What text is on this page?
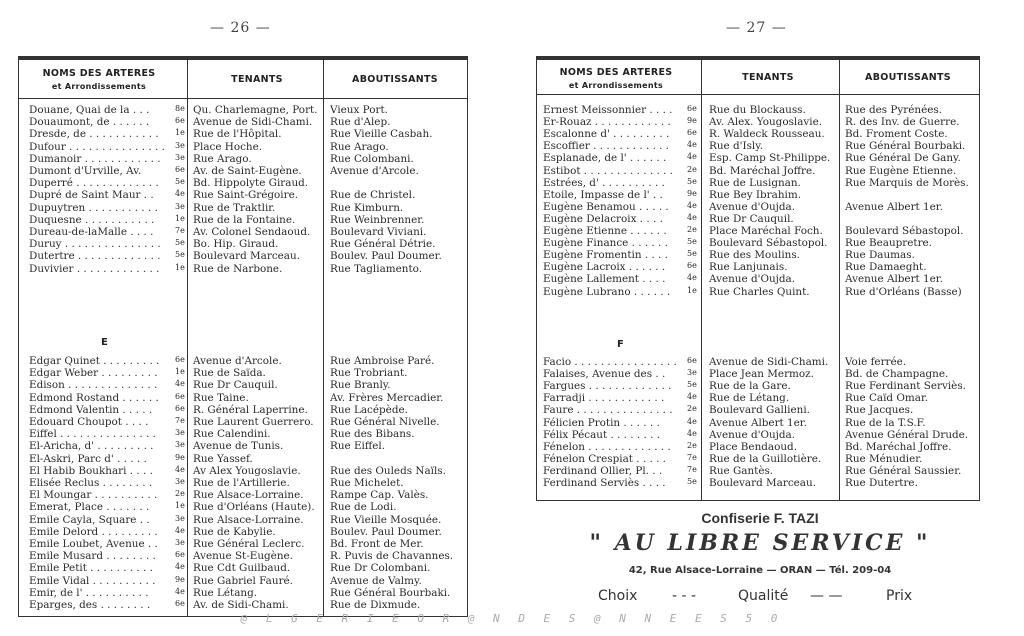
— 26 —	— 27 —
NOMS DES ARTERES
et Arrondissements
TENANTS	ABOUTISSANTS
Douane, Quai de la . . .	8e Qu. Charlemagne, Port.	Vieux Port.
Douaumont, de . . . . . .	6e Avenue de Sidi-Chami.	Rue d'Alep.
Dresde, de . . . . . . . . . . .	1e Rue de l'Hôpital.	Rue Vieille Casbah.
Dufour . . . . . . . . . . . . . . .	3e Place Hoche.	Rue Arago.
Dumanoir . . . . . . . . . . . .	3e Rue Arago.	Rue Colombani.
Dumont d'Urville, Av.	6e Av. de Saint-Eugène.	Avenue d'Arcole.
Duperré . . . . . . . . . . . . .	5e Bd. Hippolyte Giraud.
Dupré de Saint Maur . .	4e Rue Saint-Grégoire.	Rue de Christel.
Dupuytren . . . . . . . . . . .	3e Rue de Traktlir.	Rue Kimburn.
Duquesne . . . . . . . . . . .	1e Rue de la Fontaine.	Rue Weinbrenner.
Dureau-de-laMalle . . . .	7e Av. Colonel Sendaoud.	Boulevard Viviani.
Duruy . . . . . . . . . . . . . . .	5e Bo. Hip. Giraud.	Rue Général Détrie.
Dutertre . . . . . . . . . . . . .	5e Boulevard Marceau.	Boulev. Paul Doumer.
Duvivier . . . . . . . . . . . . .	1e Rue de Narbone.	Rue Tagliamento.
Edgar Quinet . . . . . . . . .	6e Avenue d'Arcole.	Rue Ambroise Paré.
Edgar Weber . . . . . . . . .	1e Rue de Saïda.	Rue Trobriant.
Edison . . . . . . . . . . . . . .	4e Rue Dr Cauquil.	Rue Branly.
Edmond Rostand . . . . . .	6e Rue Taine.	Av. Frères Mercadier.
Edmond Valentin . . . . .	6e R. Général Laperrine.	Rue Lacépède.
Edouard Choupot . . . .	7e Rue Laurent Guerrero.	Rue Général Nivelle.
Eiffel . . . . . . . . . . . . . . .	3e Rue Calendini.	Rue des Bibans.
El-Aricha, d' . . . . . . . . .	3e Avenue de Tunis.	Rue Eiffel.
El-Askri, Parc d' . . . . .	9e Rue Yassef.
El Habib Boukhari . . . .	4e Av Alex Yougoslavie.	Rue des Ouleds Naïls.
Elisée Reclus . . . . . . . .	3e Rue de l'Artillerie.	Rue Michelet.
El Moungar . . . . . . . . . .	2e Rue Alsace-Lorraine.	Rampe Cap. Valès.
Emerat, Place . . . . . . .	1e Rue d'Orléans (Haute).	Rue de Lodi.
Emile Cayla, Square . .	3e Rue Alsace-Lorraine.	Rue Vieille Mosquée.
Emile Delord . . . . . . . . .	4e Rue de Kabylie.	Boulev. Paul Doumer.
Emile Loubet, Avenue . .	3e Rue Général Leclerc.	Bd. Front de Mer.
Emile Musard . . . . . . . .	6e Avenue St-Eugène.	R. Puvis de Chavannes.
Emile Petit . . . . . . . . . .	4e Rue Cdt Guilbaud.	Rue Dr Colombani.
Emile Vidal . . . . . . . . . .	9e Rue Gabriel Fauré.	Avenue de Valmy.
Emir, de l' . . . . . . . . . .	4e Rue Létang.	Rue Général Bourbaki.
Eparges, des . . . . . . . .	6e Av. de Sidi-Chami.	Rue de Dixmude.
E
NOMS DES ARTERES
et Arrondissements
TENANTS	ABOUTISSANTS
Ernest Meissonnier . . . .	6e Rue du Blockauss.	Rue des Pyrénées.
Er-Rouaz . . . . . . . . . . . .	9e Av. Alex. Yougoslavie.	R. des Inv. de Guerre.
Escalonne d' . . . . . . . . .	6e R. Waldeck Rousseau.	Bd. Froment Coste.
Escoffier . . . . . . . . . . . .	4e Rue d'Isly.	Rue Général Bourbaki.
Esplanade, de l' . . . . . .	4e Esp. Camp St-Philippe.	Rue Général De Gany.
Estibot . . . . . . . . . . . . . .	2e Bd. Maréchal Joffre.	Rue Eugène Etienne.
Estrées, d' . . . . . . . . . .	5e Rue de Lusignan.	Rue Marquis de Morès.
Etoile, Impasse de l' . .	9e Rue Bey Ibrahim.
Eugène Benamou . . . . .	4e Avenue d'Oujda.	Avenue Albert 1er.
Eugène Delacroix . . . .	4e Rue Dr Cauquil.
Eugène Etienne . . . . . .	2e Place Maréchal Foch.	Boulevard Sébastopol.
Eugène Finance . . . . . .	5e Boulevard Sébastopol.	Rue Beaupretre.
Eugène Fromentin . . . .	5e Rue des Moulins.	Rue Daumas.
Eugène Lacroix . . . . . .	6e Rue Lanjunais.	Rue Damaeght.
Eugène Lallement . . . .	4e Avenue d'Oujda.	Avenue Albert 1er.
Eugène Lubrano . . . . . .	1e Rue Charles Quint.	Rue d'Orléans (Basse)
Facio . . . . . . . . . . . . . . . .	6e Avenue de Sidi-Chami.	Voie ferrée.
Falaises, Avenue des . .	3e Place Jean Mermoz.	Bd. de Champagne.
Fargues . . . . . . . . . . . . .	5e Rue de la Gare.	Rue Ferdinant Serviès.
Farradji . . . . . . . . . . . .	4e Rue de Létang.	Rue Caïd Omar.
Faure . . . . . . . . . . . . . . .	2e Boulevard Gallieni.	Rue Jacques.
Félicien Protin . . . . . .	4e Avenue Albert 1er.	Rue de la T.S.F.
Félix Pécaut . . . . . . . .	4e Avenue d'Oujda.	Avenue Général Drude.
Fénelon . . . . . . . . . . . . .	2e Place Bendaoud.	Bd. Maréchal Joffre.
Fénelon Crespiat . . . . .	7e Rue de la Guillotière.	Rue Ménudier.
Ferdinand Ollier, Pl. . .	7e Rue Gantès.	Rue Général Saussier.
Ferdinand Serviès . . . .	5e Boulevard Marceau.	Rue Dutertre.
F
Confiserie F. TAZI
" AU LIBRE SERVICE "
42, Rue Alsace-Lorraine — ORAN — Tél. 209-04
Choix - - -	Qualité — —	Prix
@ L G E R I E O R @ N D E S @ N N E E S 5 0
